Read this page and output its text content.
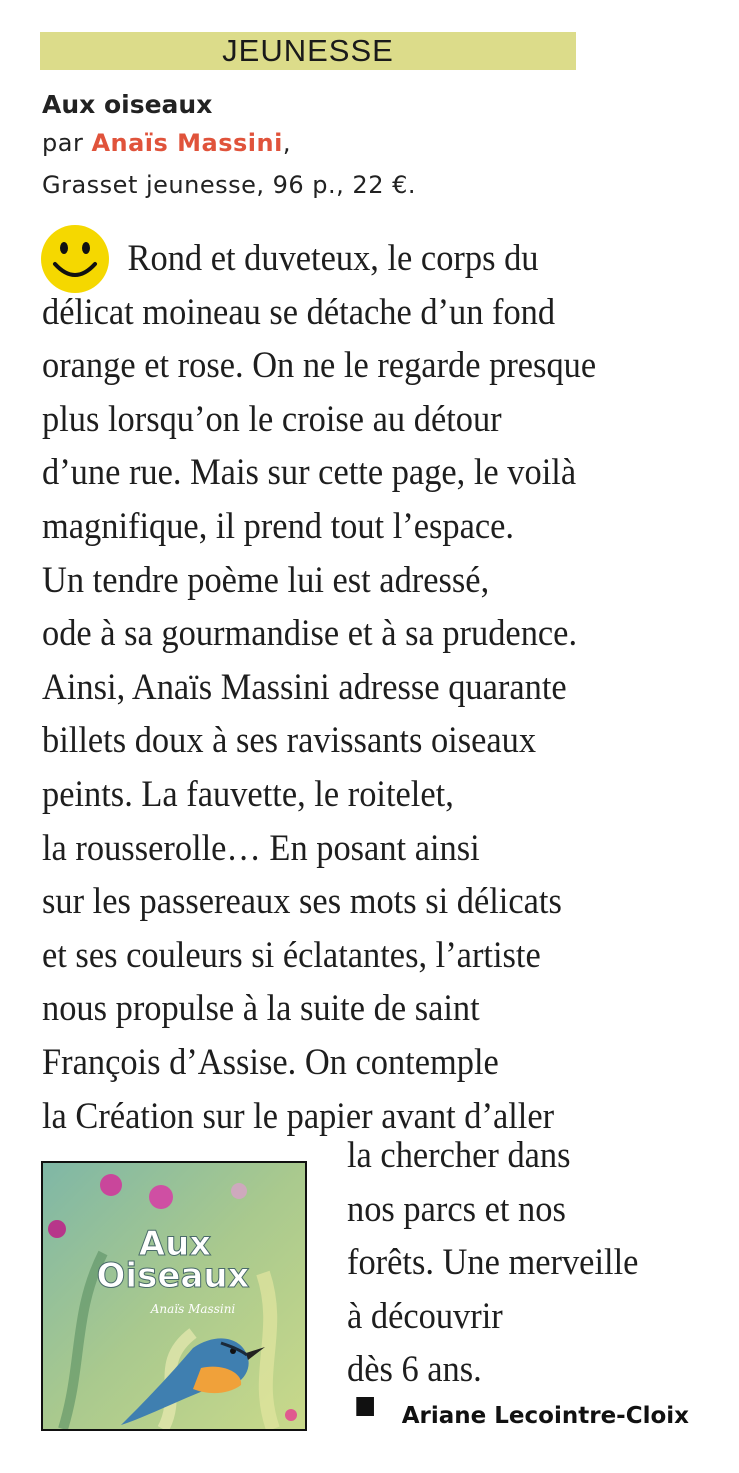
JEUNESSE
Aux oiseaux
par Anaïs Massini,
Grasset jeunesse, 96 p., 22 €.
Rond et duveteux, le corps du
délicat moineau se détache d’un fond
orange et rose. On ne le regarde presque
plus lorsqu’on le croise au détour
d’une rue. Mais sur cette page, le voilà
magnifique, il prend tout l’espace.
Un tendre poème lui est adressé,
ode à sa gourmandise et à sa prudence.
Ainsi, Anaïs Massini adresse quarante
billets doux à ses ravissants oiseaux
peints. La fauvette, le roitelet,
la rousserolle… En posant ainsi
sur les passereaux ses mots si délicats
et ses couleurs si éclatantes, l’artiste
nous propulse à la suite de saint
François d’Assise. On contemple
la Création sur le papier avant d’aller
Aux
Oiseaux
Anaïs Massini
la chercher dans
nos parcs et nos
forêts. Une merveille
à découvrir
dès 6 ans.
Ariane Lecointre-Cloix
